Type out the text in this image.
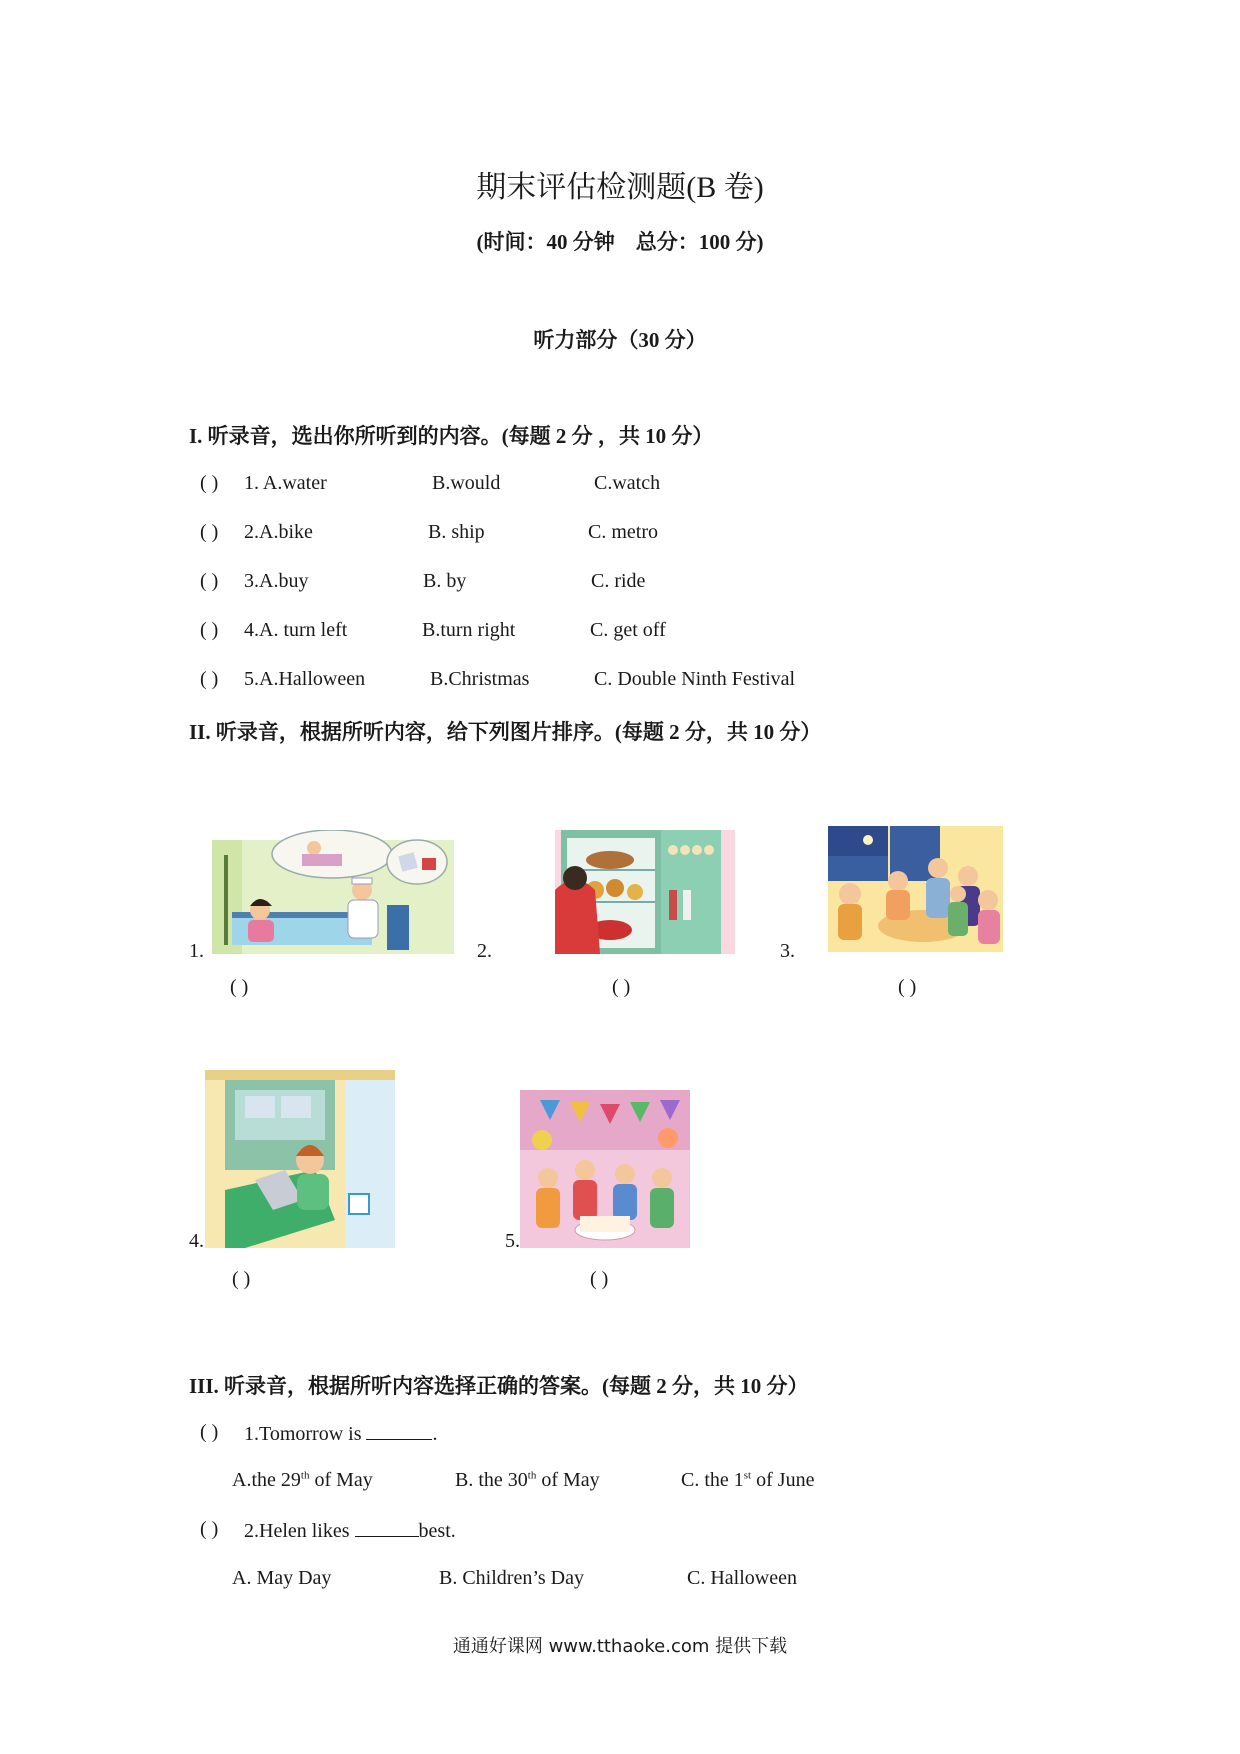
期末评估检测题(B 卷)
(时间：40 分钟　总分：100 分)
听力部分（30 分）
I. 听录音，选出你所听到的内容。(每题 2 分 ，共 10 分）
( ) 1. A.water	B.would	C.watch
( ) 2.A.bike	B. ship	C. metro
( ) 3.A.buy	B. by	C. ride
( ) 4.A. turn left	B.turn right	C. get off
( ) 5.A.Halloween	B.Christmas	C. Double Ninth Festival
II. 听录音，根据所听内容，给下列图片排序。(每题 2 分，共 10 分）
1.
( )
2.
( )
3.
( )
4.
( )
5.
( )
III. 听录音，根据所听内容选择正确的答案。(每题 2 分，共 10 分）
( ) 1.Tomorrow is	.
A.the 29th of May	B. the 30th of May	C. the 1st of June
( ) 2.Helen likes	best.
A. May Day	B. Children’s Day	C. Halloween
通通好课网 www.tthaoke.com 提供下载
